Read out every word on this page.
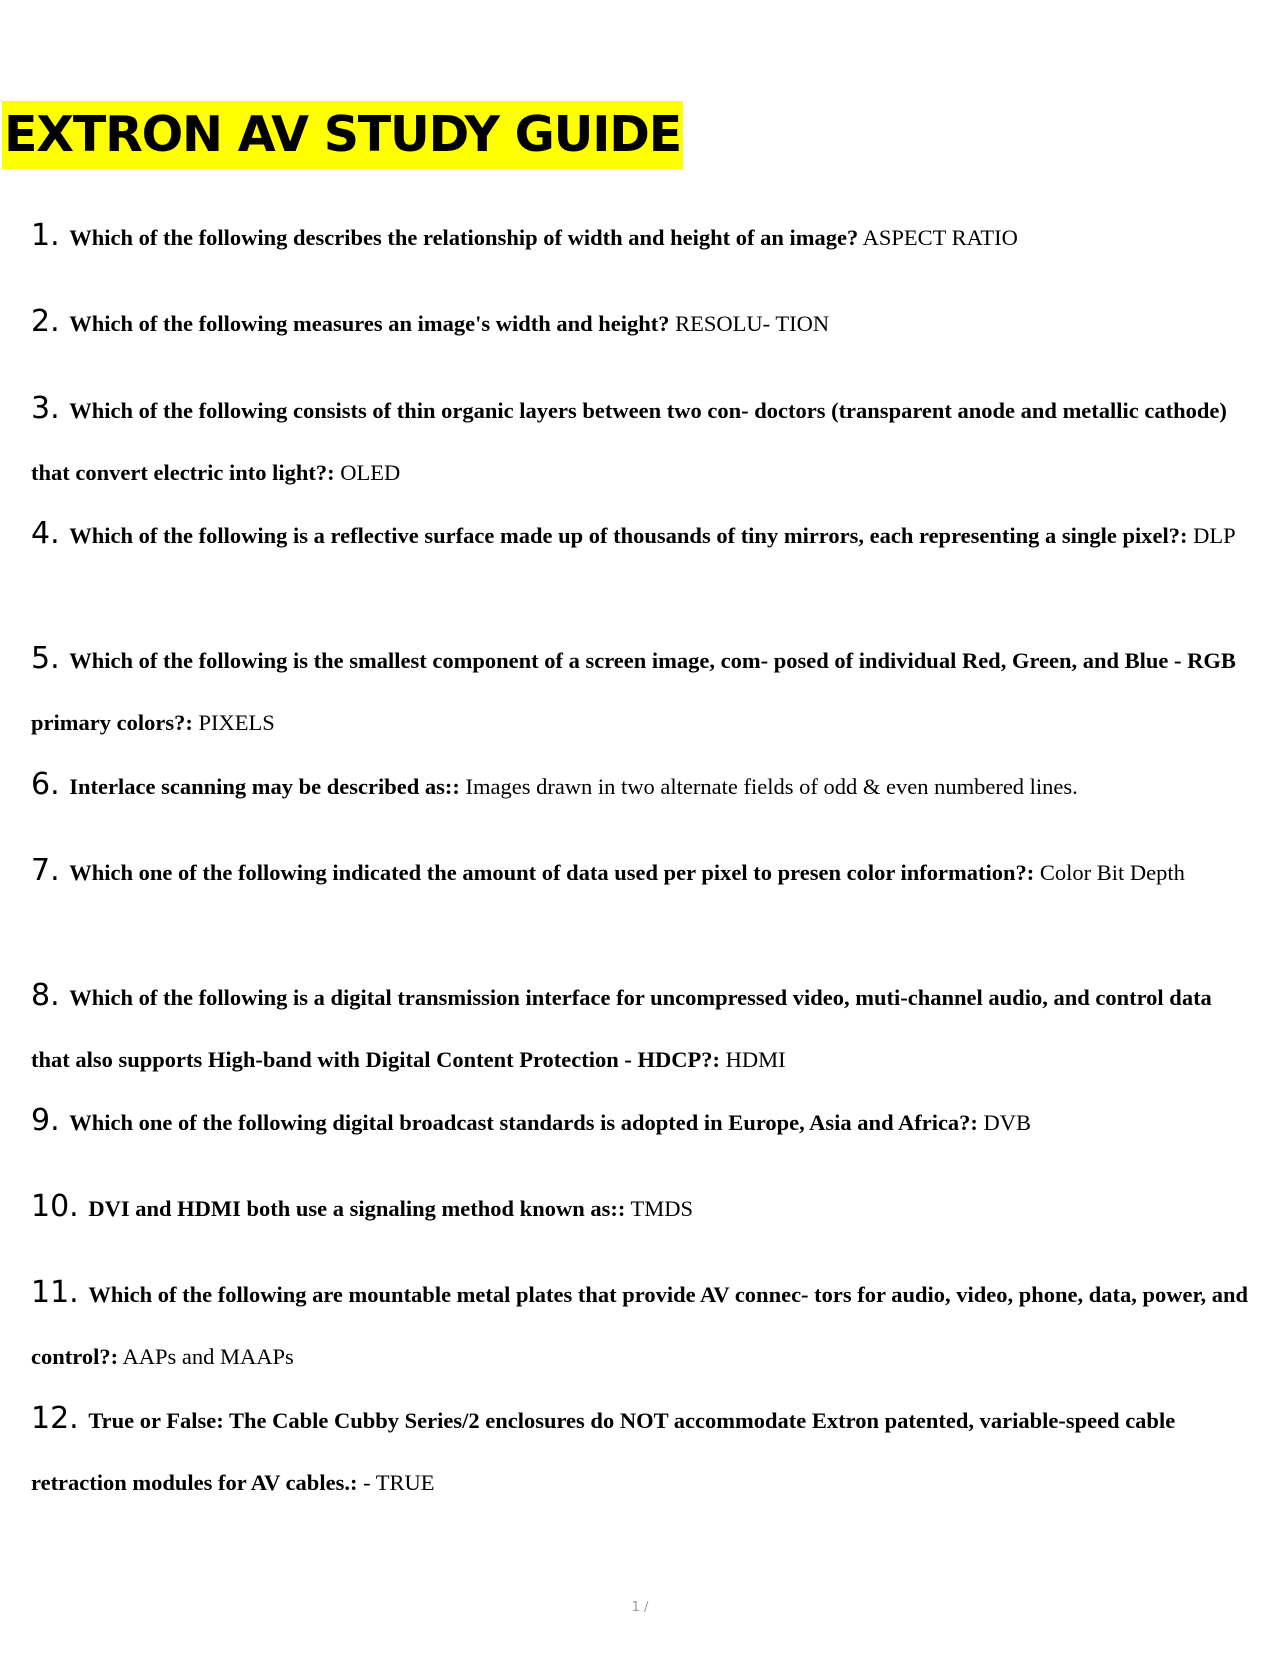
EXTRON AV STUDY GUIDE
1. Which of the following describes the relationship of width and height of an image? ASPECT RATIO
2. Which of the following measures an image's width and height? RESOLU- TION
3. Which of the following consists of thin organic layers between two con- doctors (transparent anode and metallic cathode) that convert electric into light?: OLED
4. Which of the following is a reflective surface made up of thousands of tiny mirrors, each representing a single pixel?: DLP
5. Which of the following is the smallest component of a screen image, com- posed of individual Red, Green, and Blue - RGB primary colors?: PIXELS
6. Interlace scanning may be described as:: Images drawn in two alternate fields of odd & even numbered lines.
7. Which one of the following indicated the amount of data used per pixel to presen color information?: Color Bit Depth
8. Which of the following is a digital transmission interface for uncompressed video, muti-channel audio, and control data that also supports High-band with Digital Content Protection - HDCP?: HDMI
9. Which one of the following digital broadcast standards is adopted in Europe, Asia and Africa?: DVB
10. DVI and HDMI both use a signaling method known as:: TMDS
11. Which of the following are mountable metal plates that provide AV connec- tors for audio, video, phone, data, power, and control?: AAPs and MAAPs
12. True or False: The Cable Cubby Series/2 enclosures do NOT accommodate Extron patented, variable-speed cable retraction modules for AV cables.: - TRUE
1 /
